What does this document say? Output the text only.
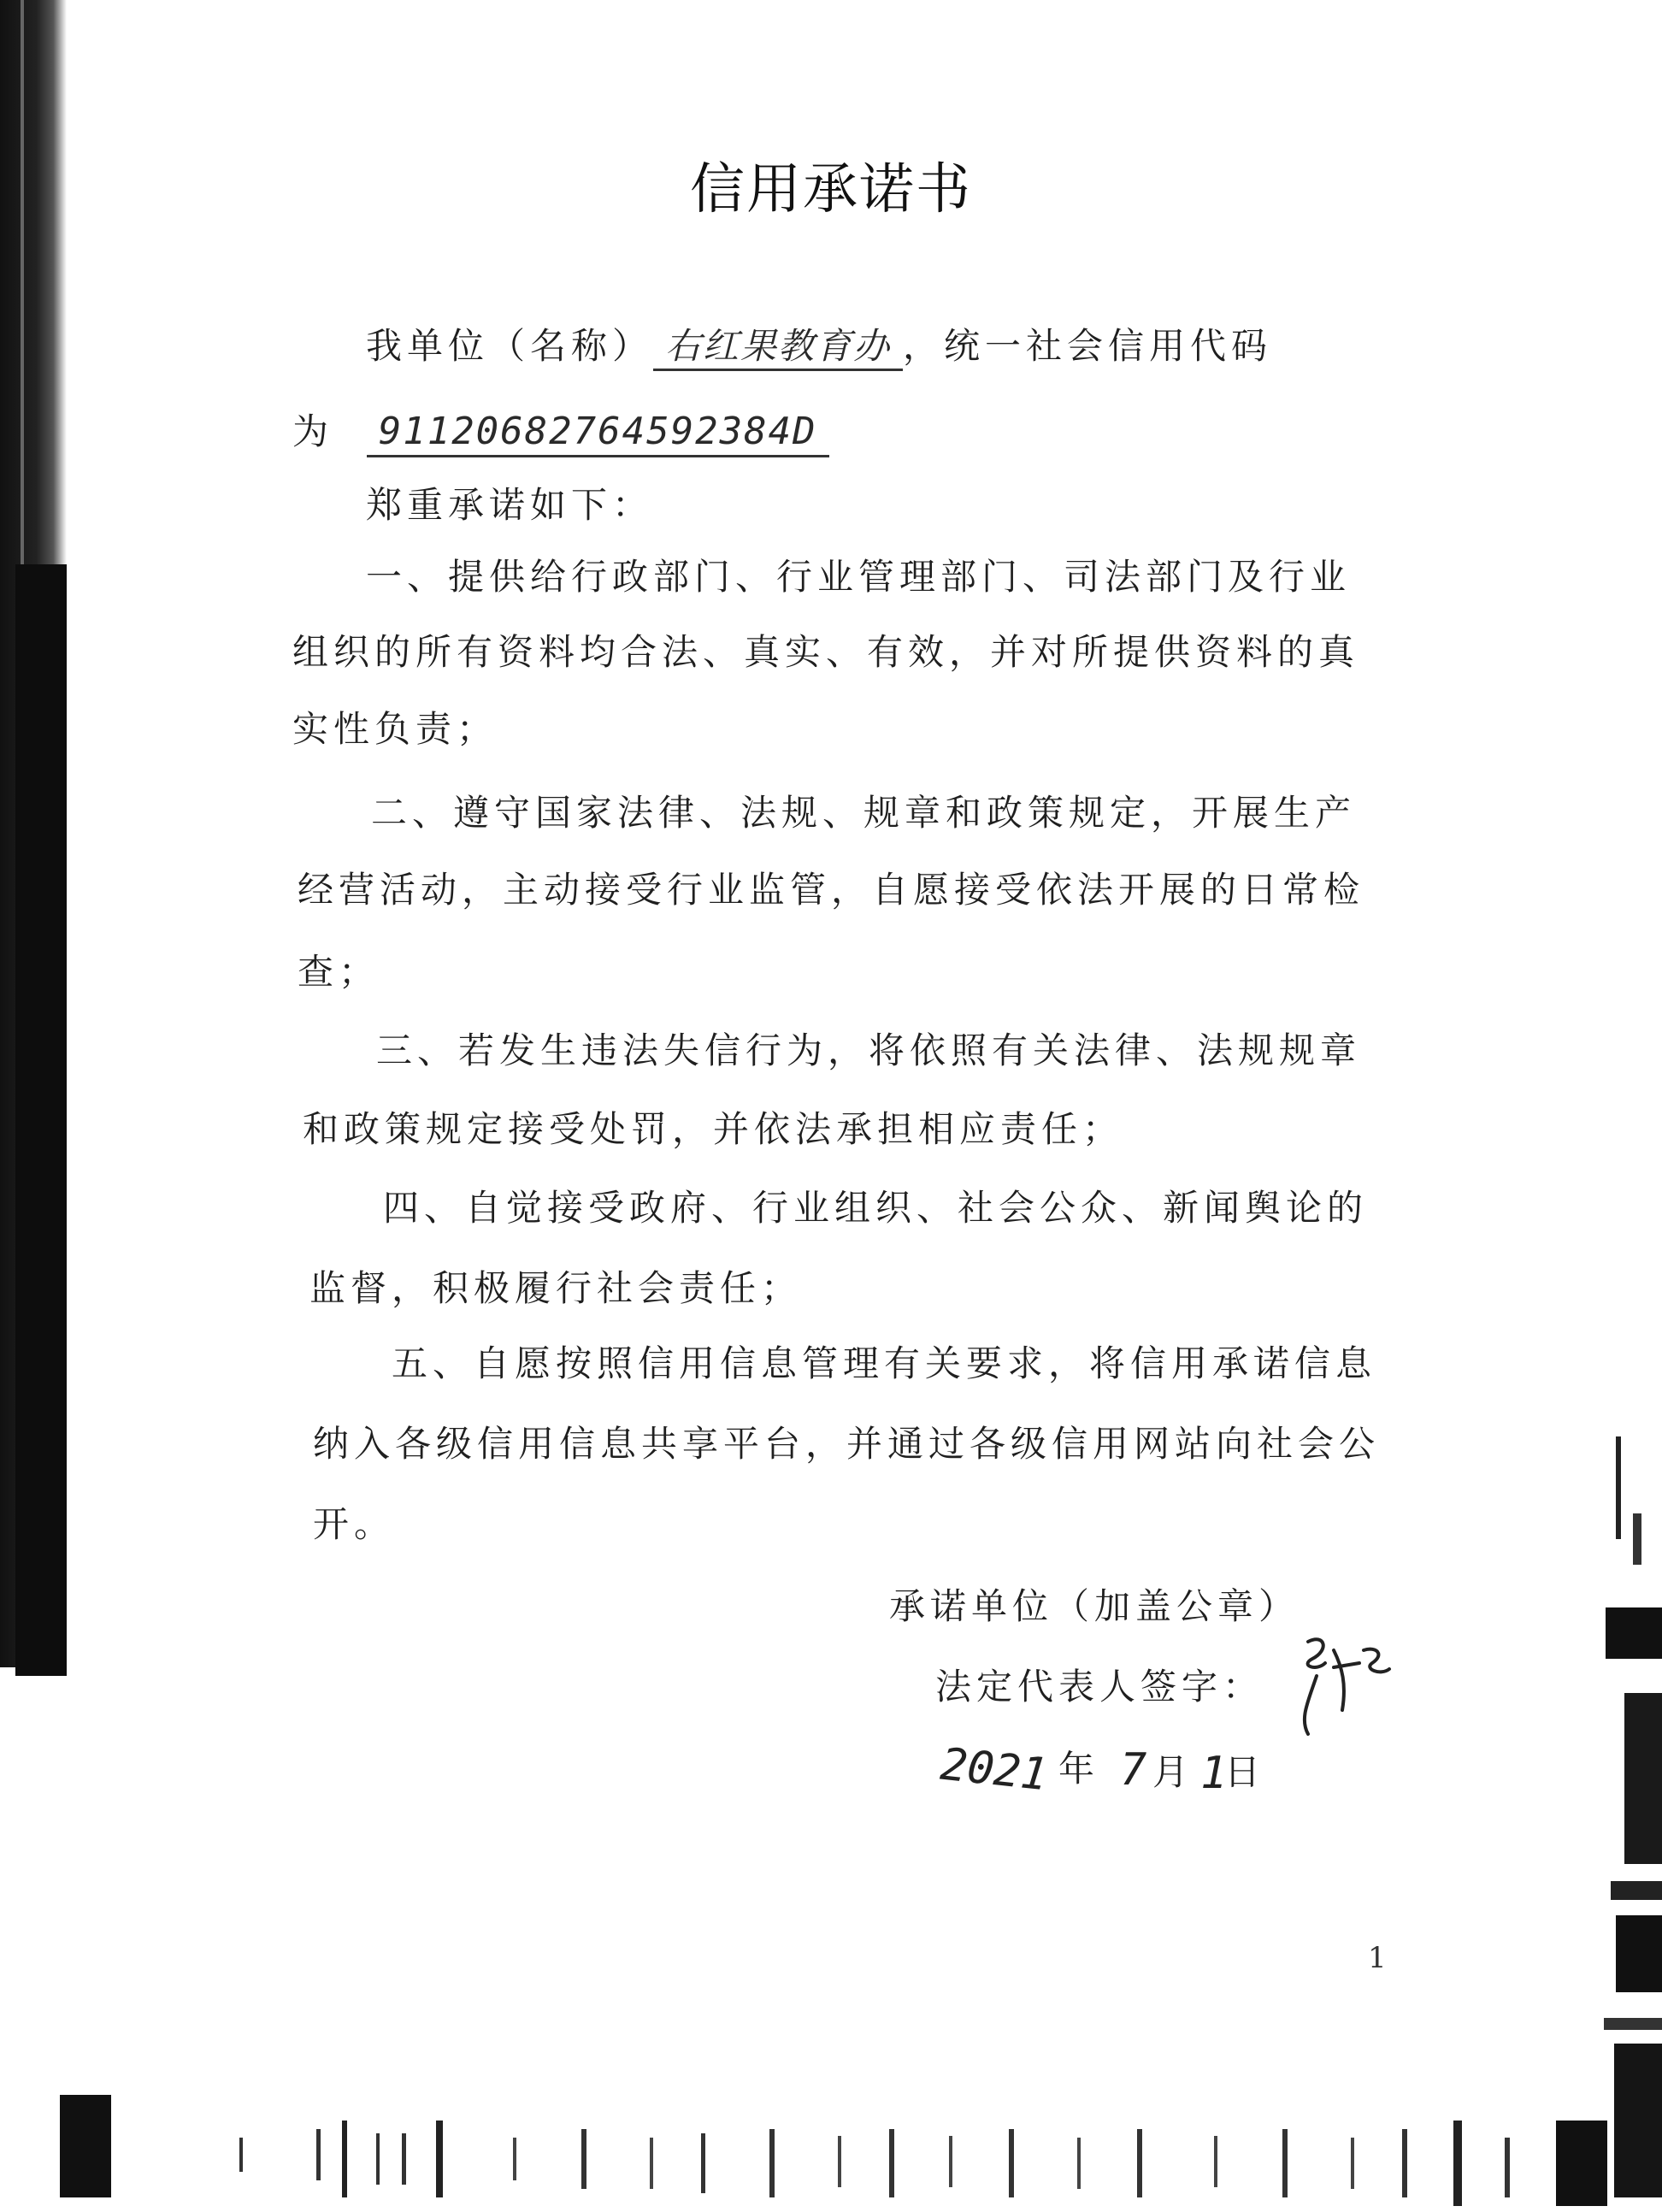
信用承诺书
我单位（名称） 右红果教育办 ，统一社会信用代码
为 91120682764592384D
郑重承诺如下：
一、提供给行政部门、行业管理部门、司法部门及行业
组织的所有资料均合法、真实、有效，并对所提供资料的真
实性负责；
二、遵守国家法律、法规、规章和政策规定，开展生产
经营活动，主动接受行业监管，自愿接受依法开展的日常检
查；
三、若发生违法失信行为，将依照有关法律、法规规章
和政策规定接受处罚，并依法承担相应责任；
四、自觉接受政府、行业组织、社会公众、新闻舆论的
监督，积极履行社会责任；
五、自愿按照信用信息管理有关要求，将信用承诺信息
纳入各级信用信息共享平台，并通过各级信用网站向社会公
开。
承诺单位（加盖公章）
法定代表人签字：
2021 年 7 月 1
日
1
